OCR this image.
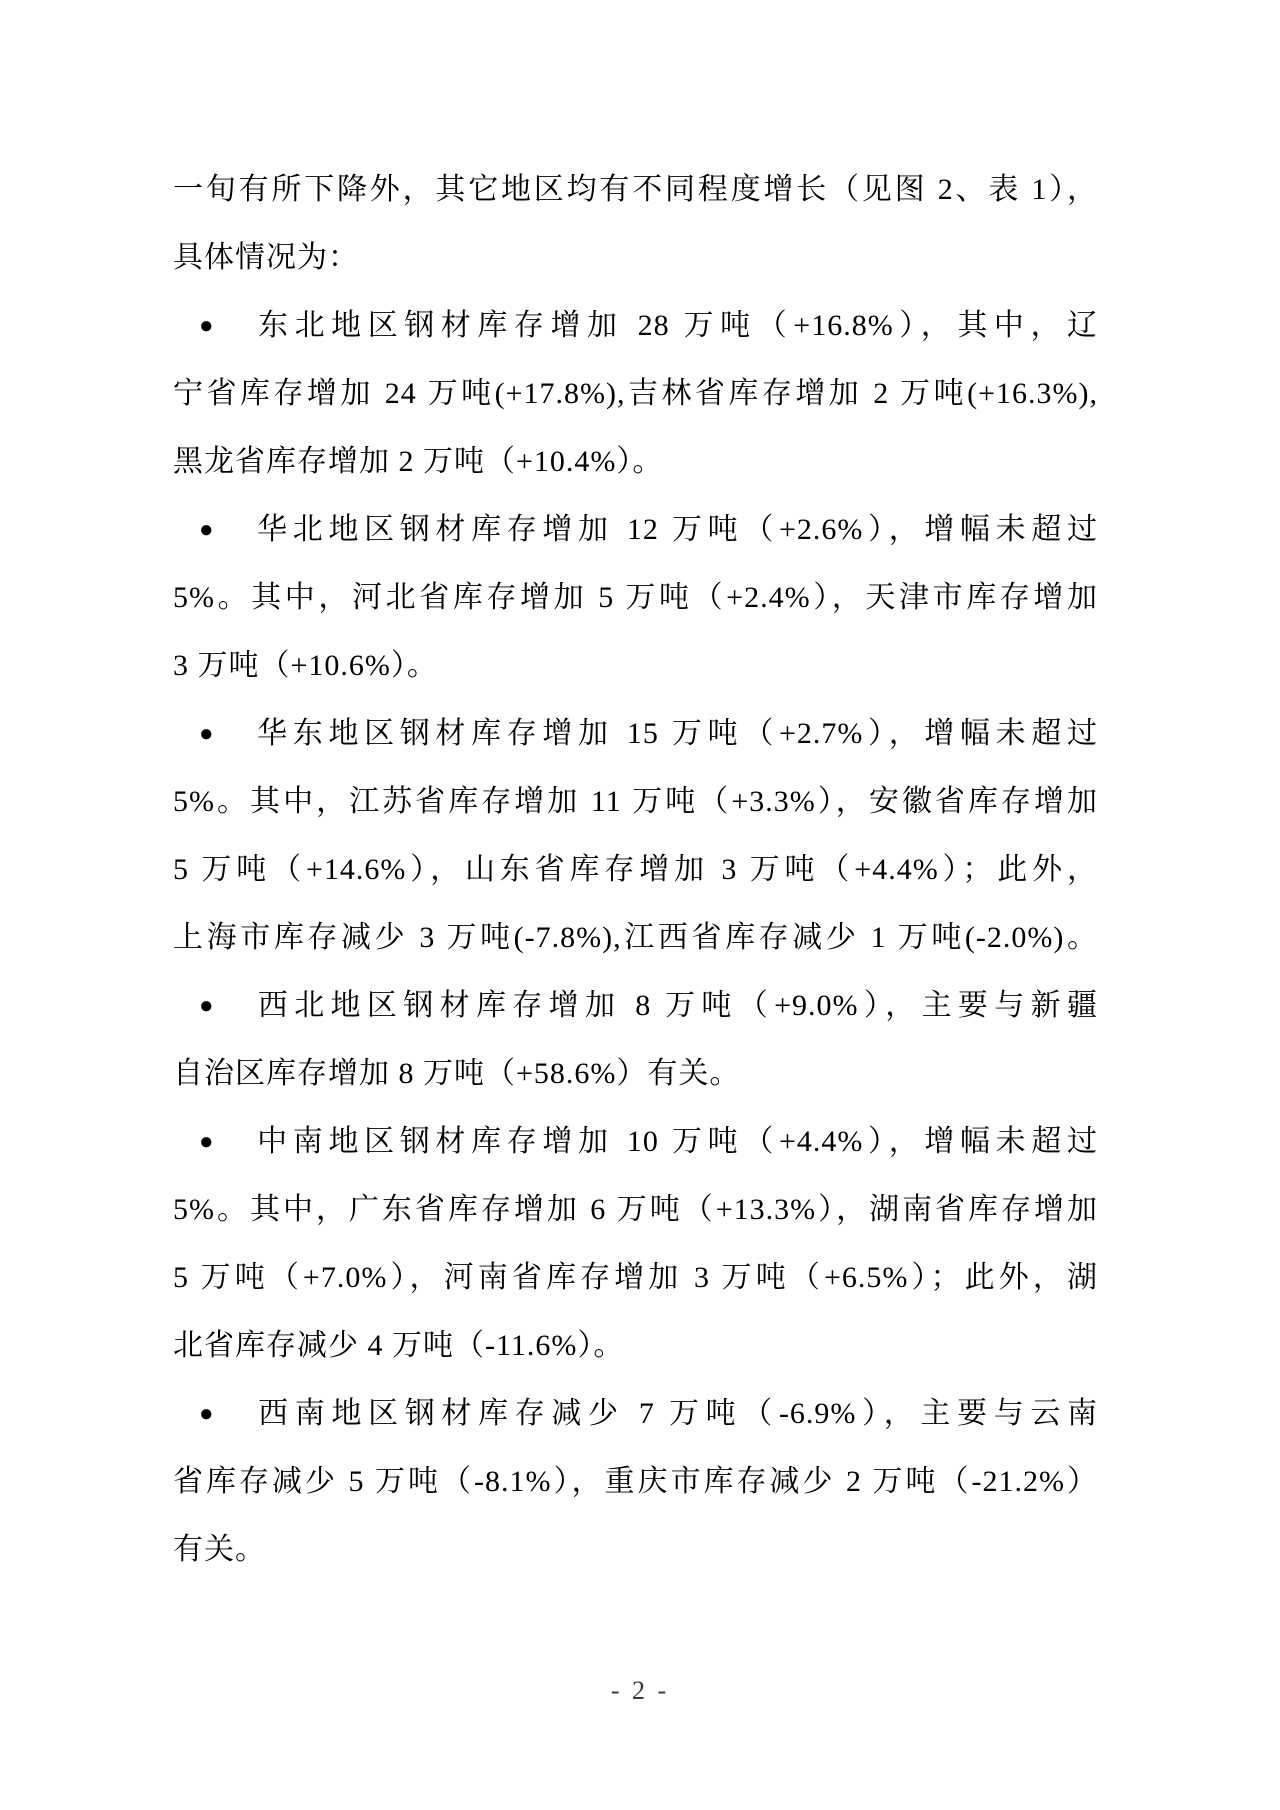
一旬有所下降外，其它地区均有不同程度增长（见图 2、表 1），
具体情况为：
● 东北地区钢材库存增加 28 万吨（+16.8%），其中，辽
宁省库存增加 24 万吨(+17.8%),吉林省库存增加 2 万吨(+16.3%),
黑龙省库存增加 2 万吨（+10.4%）。
● 华北地区钢材库存增加 12 万吨（+2.6%），增幅未超过
5%。其中，河北省库存增加 5 万吨（+2.4%），天津市库存增加
3 万吨（+10.6%）。
● 华东地区钢材库存增加 15 万吨（+2.7%），增幅未超过
5%。其中，江苏省库存增加 11 万吨（+3.3%），安徽省库存增加
5 万吨（+14.6%），山东省库存增加 3 万吨（+4.4%）；此外，
上海市库存减少 3 万吨(-7.8%),江西省库存减少 1 万吨(-2.0%)。
● 西北地区钢材库存增加 8 万吨（+9.0%），主要与新疆
自治区库存增加 8 万吨（+58.6%）有关。
● 中南地区钢材库存增加 10 万吨（+4.4%），增幅未超过
5%。其中，广东省库存增加 6 万吨（+13.3%），湖南省库存增加
5 万吨（+7.0%），河南省库存增加 3 万吨（+6.5%）；此外，湖
北省库存减少 4 万吨（-11.6%）。
● 西南地区钢材库存减少 7 万吨（-6.9%），主要与云南
省库存减少 5 万吨（-8.1%），重庆市库存减少 2 万吨（-21.2%）
有关。
- 2 -
